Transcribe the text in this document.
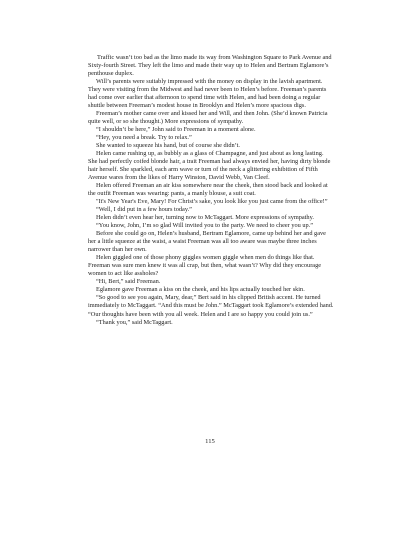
Traffic wasn’t too bad as the limo made its way from Washington Square to Park Avenue and Sixty-fourth Street. They left the limo and made their way up to Helen and Bertram Eglamore’s penthouse duplex.

Will’s parents were suitably impressed with the money on display in the lavish apartment. They were visiting from the Midwest and had never been to Helen’s before. Freeman’s parents had come over earlier that afternoon to spend time with Helen, and had been doing a regular shuttle between Freeman’s modest house in Brooklyn and Helen’s more spacious digs.

Freeman’s mother came over and kissed her and Will, and then John. (She’d known Patricia quite well, or so she thought.) More expressions of sympathy.

“I shouldn’t be here,” John said to Freeman in a moment alone.

“Hey, you need a break. Try to relax.”

She wanted to squeeze his hand, but of course she didn’t.

Helen came rushing up, as bubbly as a glass of Champagne, and just about as long lasting. She had perfectly coifed blonde hair, a trait Freeman had always envied her, having dirty blonde hair herself. She sparkled, each arm wave or turn of the neck a glittering exhibition of Fifth Avenue wares from the likes of Harry Winston, David Webb, Van Cleef.

Helen offered Freeman an air kiss somewhere near the cheek, then stood back and looked at the outfit Freeman was wearing: pants, a manly blouse, a suit coat.

"It's New Year's Eve, Mary! For Christ’s sake, you look like you just came from the office!”

“Well, I did put in a few hours today.”

Helen didn’t even hear her, turning now to McTaggart. More expressions of sympathy.

“You know, John, I’m so glad Will invited you to the party. We need to cheer you up.”

Before she could go on, Helen’s husband, Bertram Eglamore, came up behind her and gave her a little squeeze at the waist, a waist Freeman was all too aware was maybe three inches narrower than her own.

Helen giggled one of those phony giggles women giggle when men do things like that. Freeman was sure men knew it was all crap, but then, what wasn’t? Why did they encourage women to act like assholes?

“Hi, Bert,” said Freeman.

Eglamore gave Freeman a kiss on the cheek, and his lips actually touched her skin.

“So good to see you again, Mary, dear,” Bert said in his clipped British accent. He turned immediately to McTaggart. “And this must be John.” McTaggart took Eglamore’s extended hand. “Our thoughts have been with you all week. Helen and I are so happy you could join us.”

“Thank you,” said McTaggart.

115
